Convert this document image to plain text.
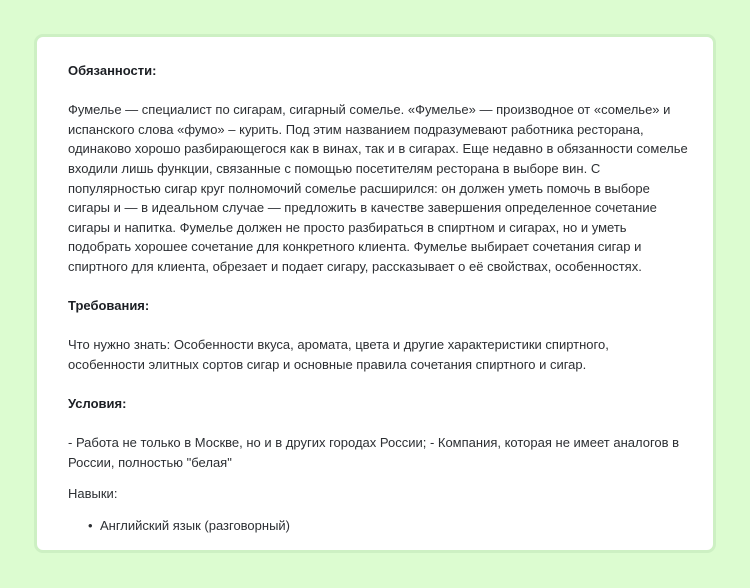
Обязанности:

Фумелье — специалист по сигарам, сигарный сомелье. «Фумелье» — производное от «сомелье» и испанского слова «фумо» – курить. Под этим названием подразумевают работника ресторана, одинаково хорошо разбирающегося как в винах, так и в сигарах. Еще недавно в обязанности сомелье входили лишь функции, связанные с помощью посетителям ресторана в выборе вин. С популярностью сигар круг полномочий сомелье расширился: он должен уметь помочь в выборе сигары и — в идеальном случае — предложить в качестве завершения определенное сочетание сигары и напитка. Фумелье должен не просто разбираться в спиртном и сигарах, но и уметь подобрать хорошее сочетание для конкретного клиента. Фумелье выбирает сочетания сигар и спиртного для клиента, обрезает и подает сигару, рассказывает о её свойствах, особенностях.

Требования:

Что нужно знать: Особенности вкуса, аромата, цвета и другие характеристики спиртного, особенности элитных сортов сигар и основные правила сочетания спиртного и сигар.

Условия:

- Работа не только в Москве, но и в других городах России; - Компания, которая не имеет аналогов в России, полностью "белая"

Навыки:

• Английский язык (разговорный)
